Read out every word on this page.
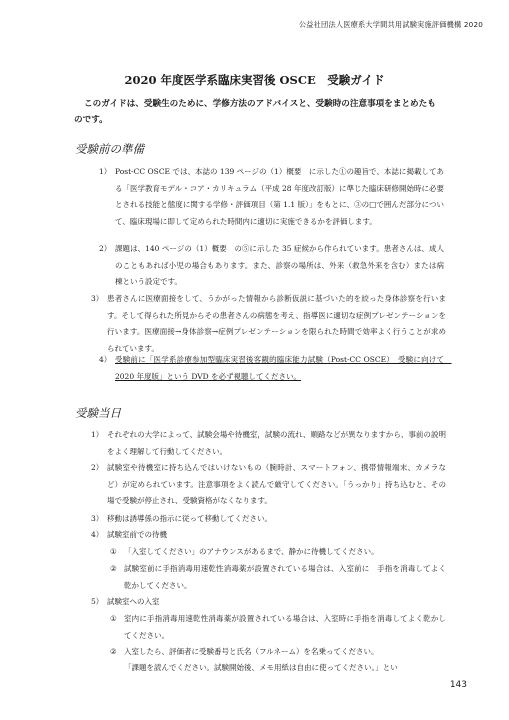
公益社団法人医療系大学間共用試験実施評価機構 2020
2020 年度医学系臨床実習後 OSCE　受験ガイド
このガイドは、受験生のために、学修方法のアドバイスと、受験時の注意事項をまとめたものです。
受験前の準備
1） Post-CC OSCE では、本誌の 139 ページの（1）概要　に示した①の趣旨で、本誌に掲載してある「医学教育モデル・コア・カリキュラム（平成 28 年度改訂版）に準じた臨床研修開始時に必要とされる技能と態度に関する学修・評価項目（第 1.1 版）」をもとに、③の□で囲んだ部分について、臨床現場に即して定められた時間内に適切に実施できるかを評価します。
2） 課題は、140 ページの（1）概要　の⑤に示した 35 症候から作られています。患者さんは、成人のこともあれば小児の場合もあります。また、診察の場所は、外来（救急外来を含む）または病棟という設定です。
3） 患者さんに医療面接をして、うかがった情報から診断仮説に基づいた的を絞った身体診察を行います。そして得られた所見からその患者さんの病態を考え、指導医に適切な症例プレゼンテーションを行います。医療面接→身体診察→症例プレゼンテーションを限られた時間で効率よく行うことが求められています。
4） 受験前に「医学系診療参加型臨床実習後客観的臨床能力試験（Post-CC OSCE）　受験に向けて　2020 年度版」という DVD を必ず視聴してください。
受験当日
1） それぞれの大学によって、試験会場や待機室，試験の流れ、順路などが異なりますから、事前の説明をよく理解して行動してください。
2） 試験室や待機室に持ち込んではいけないもの（腕時計、スマートフォン、携帯情報端末、カメラなど）が定められています。注意事項をよく読んで厳守してください。「うっかり」持ち込むと、その場で受験が停止され、受験資格がなくなります。
3） 移動は誘導係の指示に従って移動してください。
4） 試験室前での待機
① 「入室してください」のアナウンスがあるまで、静かに待機してください。
② 試験室前に手指消毒用速乾性消毒薬が設置されている場合は、入室前に　手指を消毒してよく乾かしてください。
5） 試験室への入室
① 室内に手指消毒用速乾性消毒薬が設置されている場合は、入室時に手指を消毒してよく乾かしてください。
② 入室したら、評価者に受験番号と氏名（フルネーム）を名乗ってください。
「課題を読んでください。試験開始後、メモ用紙は自由に使ってください。」とい
143
